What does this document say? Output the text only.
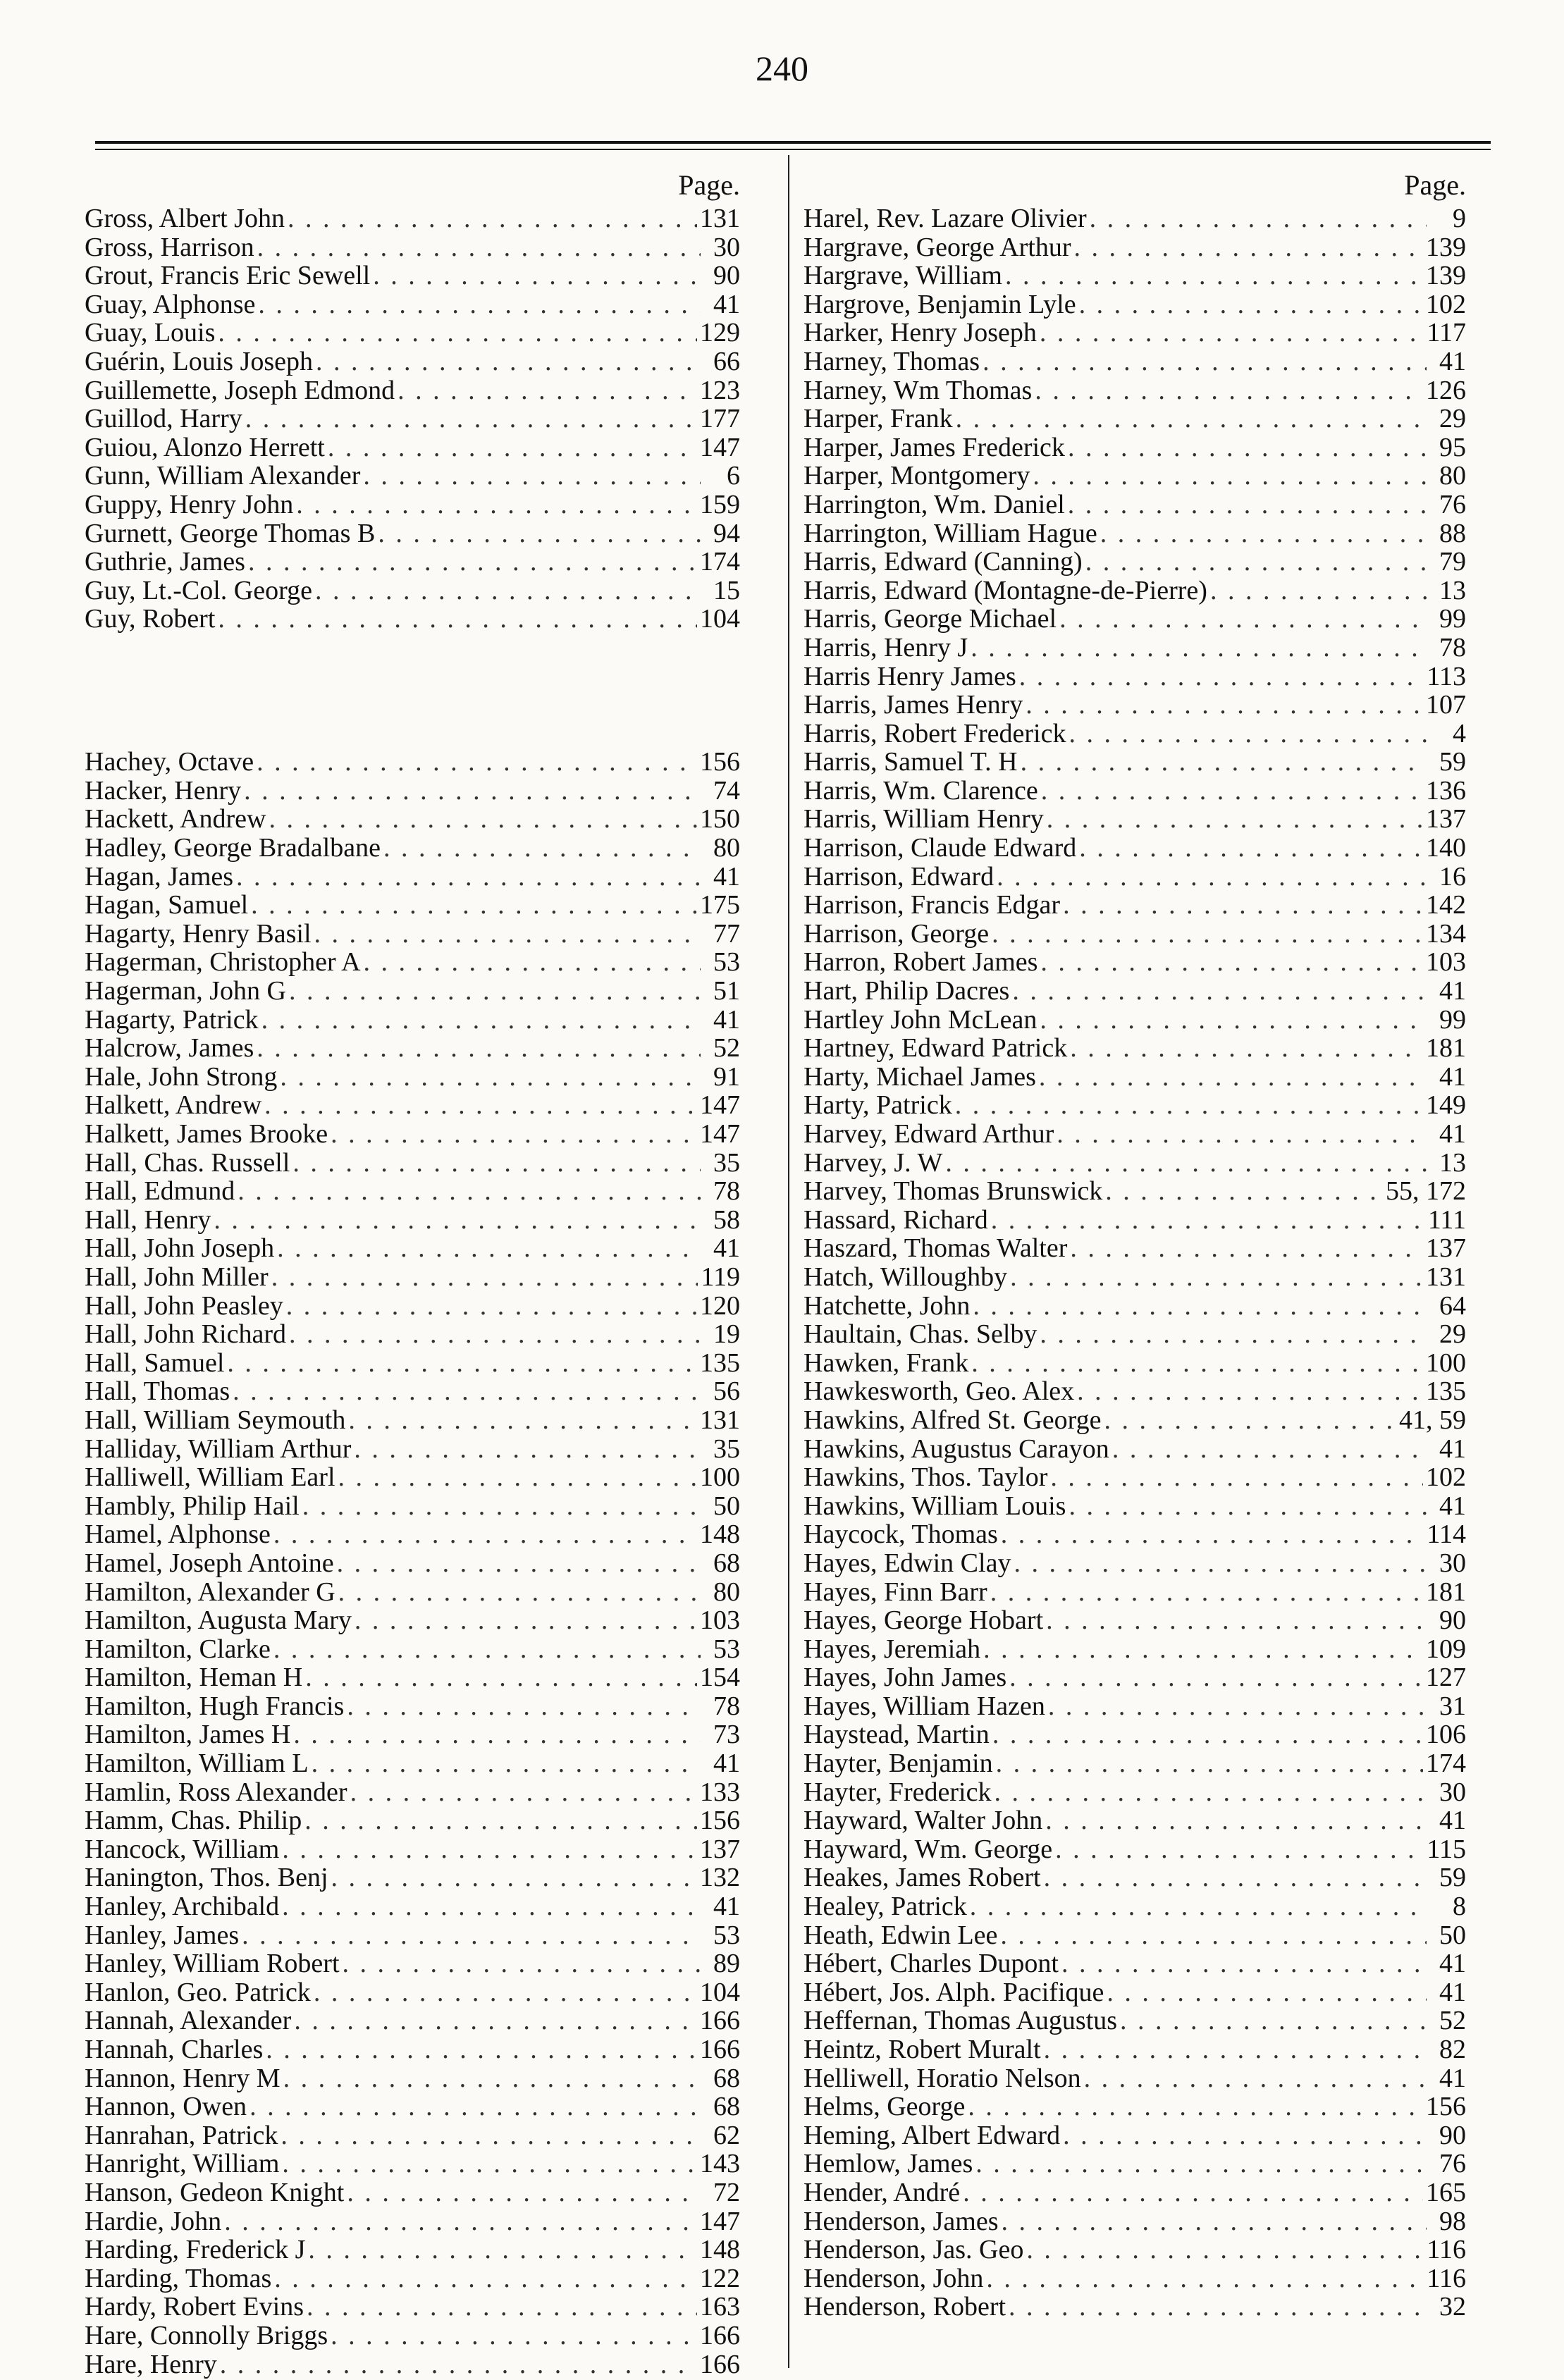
240
Page.
Gross, Albert John . . .	131
Gross, Harrison . . .	30
Grout, Francis Eric Sewell . . .	90
Guay, Alphonse . . .	41
Guay, Louis . . .	129
Guérin, Louis Joseph . . .	66
Guillemette, Joseph Edmond . . .	123
Guillod, Harry . . .	177
Guiou, Alonzo Herrett . . .	147
Gunn, William Alexander . . .	6
Guppy, Henry John . . .	159
Gurnett, George Thomas B . . .	94
Guthrie, James . . .	174
Guy, Lt.-Col. George . . .	15
Guy, Robert . . .	104
Hachey, Octave . . .	156
Hacker, Henry . . .	74
Hackett, Andrew . . .	150
Hadley, George Bradalbane . . .	80
Hagan, James . . .	41
Hagan, Samuel . . .	175
Hagarty, Henry Basil . . .	77
Hagerman, Christopher A . . .	53
Hagerman, John G . . .	51
Hagarty, Patrick . . .	41
Halcrow, James . . .	52
Hale, John Strong . . .	91
Halkett, Andrew . . .	147
Halkett, James Brooke . . .	147
Hall, Chas. Russell . . .	35
Hall, Edmund . . .	78
Hall, Henry . . .	58
Hall, John Joseph . . .	41
Hall, John Miller . . .	119
Hall, John Peasley . . .	120
Hall, John Richard . . .	19
Hall, Samuel . . .	135
Hall, Thomas . . .	56
Hall, William Seymouth . . .	131
Halliday, William Arthur . . .	35
Halliwell, William Earl . . .	100
Hambly, Philip Hail . . .	50
Hamel, Alphonse . . .	148
Hamel, Joseph Antoine . . .	68
Hamilton, Alexander G . . .	80
Hamilton, Augusta Mary . . .	103
Hamilton, Clarke . . .	53
Hamilton, Heman H . . .	154
Hamilton, Hugh Francis . . .	78
Hamilton, James H . . .	73
Hamilton, William L . . .	41
Hamlin, Ross Alexander . . .	133
Hamm, Chas. Philip . . .	156
Hancock, William . . .	137
Hanington, Thos. Benj . . .	132
Hanley, Archibald . . .	41
Hanley, James . . .	53
Hanley, William Robert . . .	89
Hanlon, Geo. Patrick . . .	104
Hannah, Alexander . . .	166
Hannah, Charles . . .	166
Hannon, Henry M . . .	68
Hannon, Owen . . .	68
Hanrahan, Patrick . . .	62
Hanright, William . . .	143
Hanson, Gedeon Knight . . .	72
Hardie, John . . .	147
Harding, Frederick J . . .	148
Harding, Thomas . . .	122
Hardy, Robert Evins . . .	163
Hare, Connolly Briggs . . .	166
Hare, Henry . . .	166
Page.
Harel, Rev. Lazare Olivier . . .	9
Hargrave, George Arthur . . .	139
Hargrave, William . . .	139
Hargrove, Benjamin Lyle . . .	102
Harker, Henry Joseph . . .	117
Harney, Thomas . . .	41
Harney, Wm Thomas . . .	126
Harper, Frank . . .	29
Harper, James Frederick . . .	95
Harper, Montgomery . . .	80
Harrington, Wm. Daniel . . .	76
Harrington, William Hague . . .	88
Harris, Edward (Canning) . . .	79
Harris, Edward (Montagne-de-Pierre) . . .	13
Harris, George Michael . . .	99
Harris, Henry J . . .	78
Harris Henry James . . .	113
Harris, James Henry . . .	107
Harris, Robert Frederick . . .	4
Harris, Samuel T. H . . .	59
Harris, Wm. Clarence . . .	136
Harris, William Henry . . .	137
Harrison, Claude Edward . . .	140
Harrison, Edward . . .	16
Harrison, Francis Edgar . . .	142
Harrison, George . . .	134
Harron, Robert James . . .	103
Hart, Philip Dacres . . .	41
Hartley John McLean . . .	99
Hartney, Edward Patrick . . .	181
Harty, Michael James . . .	41
Harty, Patrick . . .	149
Harvey, Edward Arthur . . .	41
Harvey, J. W . . .	13
Harvey, Thomas Brunswick . . .	55, 172
Hassard, Richard . . .	111
Haszard, Thomas Walter . . .	137
Hatch, Willoughby . . .	131
Hatchette, John . . .	64
Haultain, Chas. Selby . . .	29
Hawken, Frank . . .	100
Hawkesworth, Geo. Alex . . .	135
Hawkins, Alfred St. George . . .	41, 59
Hawkins, Augustus Carayon . . .	41
Hawkins, Thos. Taylor . . .	102
Hawkins, William Louis . . .	41
Haycock, Thomas . . .	114
Hayes, Edwin Clay . . .	30
Hayes, Finn Barr . . .	181
Hayes, George Hobart . . .	90
Hayes, Jeremiah . . .	109
Hayes, John James . . .	127
Hayes, William Hazen . . .	31
Haystead, Martin . . .	106
Hayter, Benjamin . . .	174
Hayter, Frederick . . .	30
Hayward, Walter John . . .	41
Hayward, Wm. George . . .	115
Heakes, James Robert . . .	59
Healey, Patrick . . .	8
Heath, Edwin Lee . . .	50
Hébert, Charles Dupont . . .	41
Hébert, Jos. Alph. Pacifique . . .	41
Heffernan, Thomas Augustus . . .	52
Heintz, Robert Muralt . . .	82
Helliwell, Horatio Nelson . . .	41
Helms, George . . .	156
Heming, Albert Edward . . .	90
Hemlow, James . . .	76
Hender, André . . .	165
Henderson, James . . .	98
Henderson, Jas. Geo . . .	116
Henderson, John . . .	116
Henderson, Robert . . .	32
